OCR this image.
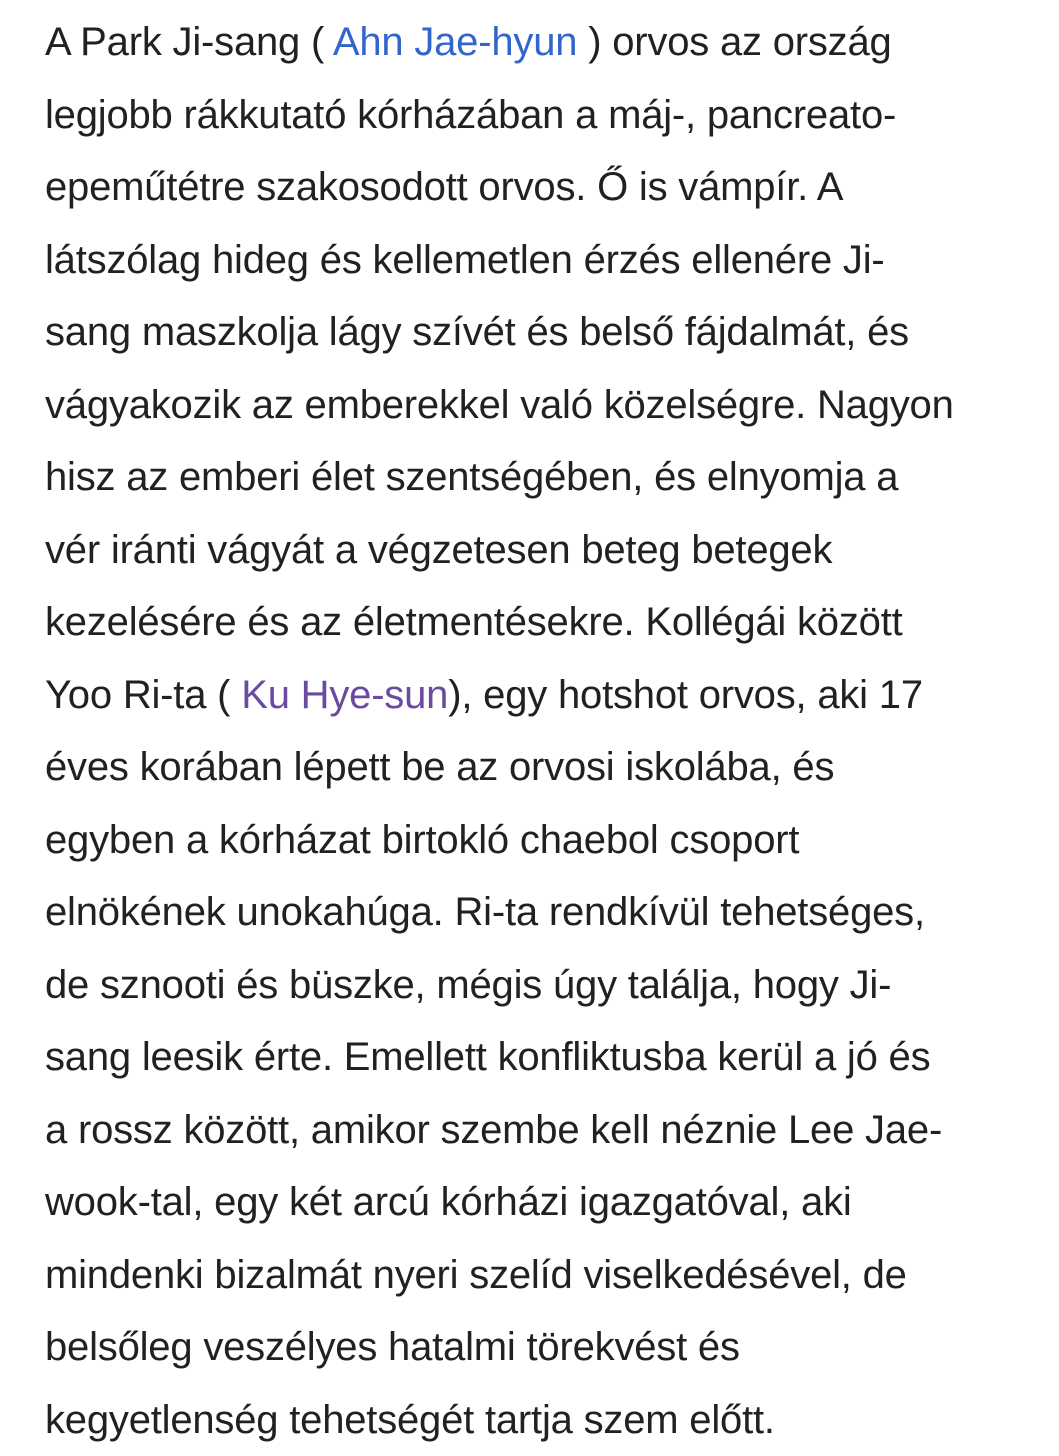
A Park Ji-sang ( Ahn Jae-hyun ) orvos az ország
legjobb rákkutató kórházában a máj-, pancreato-
epeműtétre szakosodott orvos. Ő is vámpír. A
látszólag hideg és kellemetlen érzés ellenére Ji-
sang maszkolja lágy szívét és belső fájdalmát, és
vágyakozik az emberekkel való közelségre. Nagyon
hisz az emberi élet szentségében, és elnyomja a
vér iránti vágyát a végzetesen beteg betegek
kezelésére és az életmentésekre. Kollégái között
Yoo Ri-ta ( Ku Hye-sun), egy hotshot orvos, aki 17
éves korában lépett be az orvosi iskolába, és
egyben a kórházat birtokló chaebol csoport
elnökének unokahúga. Ri-ta rendkívül tehetséges,
de sznooti és büszke, mégis úgy találja, hogy Ji-
sang leesik érte. Emellett konfliktusba kerül a jó és
a rossz között, amikor szembe kell néznie Lee Jae-
wook-tal, egy két arcú kórházi igazgatóval, aki
mindenki bizalmát nyeri szelíd viselkedésével, de
belsőleg veszélyes hatalmi törekvést és
kegyetlenség tehetségét tartja szem előtt.
